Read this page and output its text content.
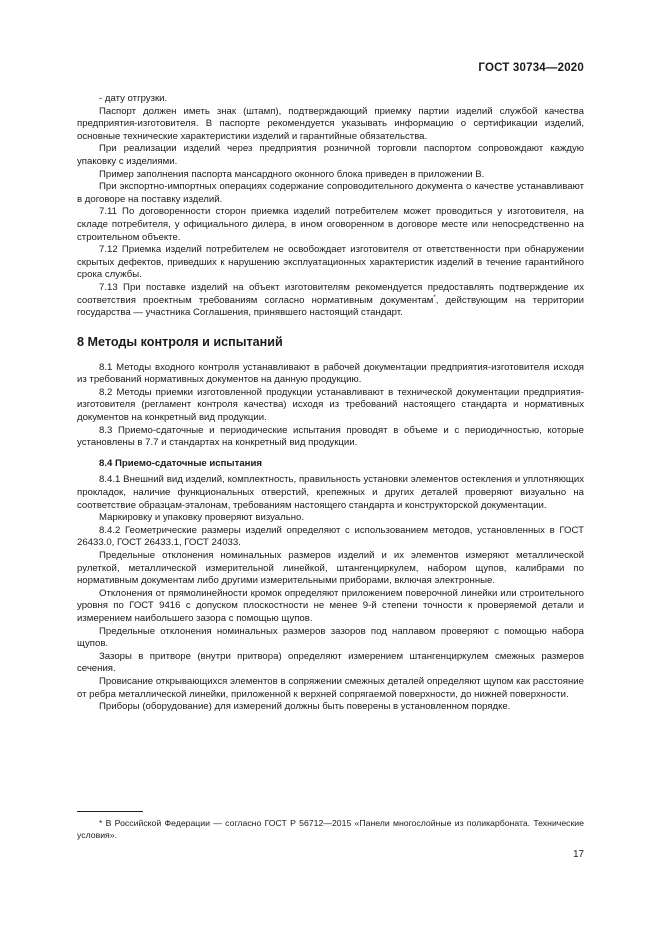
ГОСТ 30734—2020

- дату отгрузки.

Паспорт должен иметь знак (штамп), подтверждающий приемку партии изделий службой качества предприятия-изготовителя. В паспорте рекомендуется указывать информацию о сертификации изделий, основные технические характеристики изделий и гарантийные обязательства.

При реализации изделий через предприятия розничной торговли паспортом сопровождают каждую упаковку с изделиями.

Пример заполнения паспорта мансардного оконного блока приведен в приложении В.

При экспортно-импортных операциях содержание сопроводительного документа о качестве устанавливают в договоре на поставку изделий.

7.11 По договоренности сторон приемка изделий потребителем может проводиться у изготовителя, на складе потребителя, у официального дилера, в ином оговоренном в договоре месте или непосредственно на строительном объекте.

7.12 Приемка изделий потребителем не освобождает изготовителя от ответственности при обнаружении скрытых дефектов, приведших к нарушению эксплуатационных характеристик изделий в течение гарантийного срока службы.

7.13 При поставке изделий на объект изготовителям рекомендуется предоставлять подтверждение их соответствия проектным требованиям согласно нормативным документам*, действующим на территории государства — участника Соглашения, принявшего настоящий стандарт.

8 Методы контроля и испытаний

8.1 Методы входного контроля устанавливают в рабочей документации предприятия-изготовителя исходя из требований нормативных документов на данную продукцию.

8.2 Методы приемки изготовленной продукции устанавливают в технической документации предприятия-изготовителя (регламент контроля качества) исходя из требований настоящего стандарта и нормативных документов на конкретный вид продукции.

8.3 Приемо-сдаточные и периодические испытания проводят в объеме и с периодичностью, которые установлены в 7.7 и стандартах на конкретный вид продукции.

8.4 Приемо-сдаточные испытания

8.4.1 Внешний вид изделий, комплектность, правильность установки элементов остекления и уплотняющих прокладок, наличие функциональных отверстий, крепежных и других деталей проверяют визуально на соответствие образцам-эталонам, требованиям настоящего стандарта и конструкторской документации.

Маркировку и упаковку проверяют визуально.

8.4.2 Геометрические размеры изделий определяют с использованием методов, установленных в ГОСТ 26433.0, ГОСТ 26433.1, ГОСТ 24033.

Предельные отклонения номинальных размеров изделий и их элементов измеряют металлической рулеткой, металлической измерительной линейкой, штангенциркулем, набором щупов, калибрами по нормативным документам либо другими измерительными приборами, включая электронные.

Отклонения от прямолинейности кромок определяют приложением поверочной линейки или строительного уровня по ГОСТ 9416 с допуском плоскостности не менее 9-й степени точности к проверяемой детали и измерением наибольшего зазора с помощью щупов.

Предельные отклонения номинальных размеров зазоров под наплавом проверяют с помощью набора щупов.

Зазоры в притворе (внутри притвора) определяют измерением штангенциркулем смежных размеров сечения.

Провисание открывающихся элементов в сопряжении смежных деталей определяют щупом как расстояние от ребра металлической линейки, приложенной к верхней сопрягаемой поверхности, до нижней поверхности.

Приборы (оборудование) для измерений должны быть поверены в установленном порядке.

* В Российской Федерации — согласно ГОСТ Р 56712—2015 «Панели многослойные из поликарбоната. Технические условия».

17
